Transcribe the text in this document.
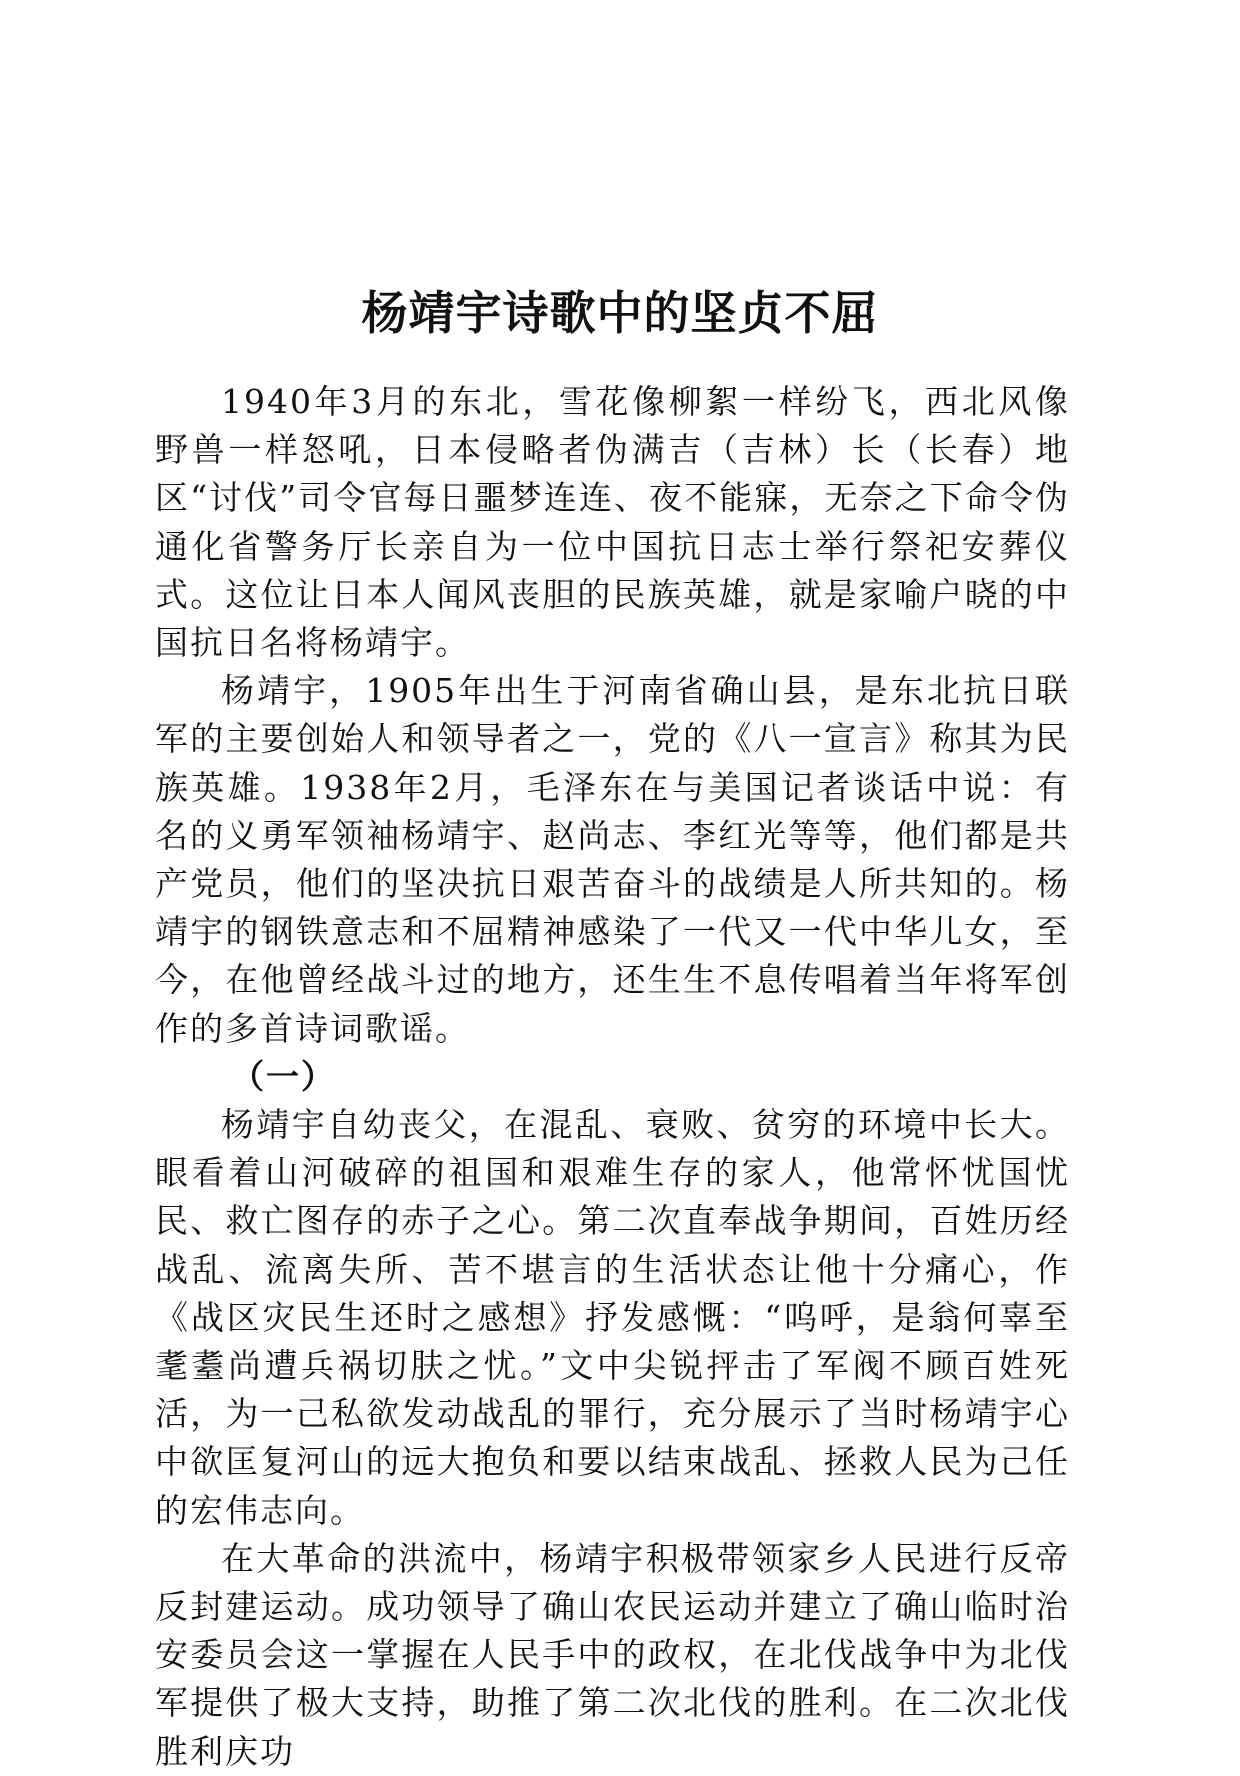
杨靖宇诗歌中的坚贞不屈

1940年3月的东北，雪花像柳絮一样纷飞，西北风像野兽一样怒吼，日本侵略者伪满吉（吉林）长（长春）地区“讨伐”司令官每日噩梦连连、夜不能寐，无奈之下命令伪通化省警务厅长亲自为一位中国抗日志士举行祭祀安葬仪式。这位让日本人闻风丧胆的民族英雄，就是家喻户晓的中国抗日名将杨靖宇。

杨靖宇，1905年出生于河南省确山县，是东北抗日联军的主要创始人和领导者之一，党的《八一宣言》称其为民族英雄。1938年2月，毛泽东在与美国记者谈话中说：有名的义勇军领袖杨靖宇、赵尚志、李红光等等，他们都是共产党员，他们的坚决抗日艰苦奋斗的战绩是人所共知的。杨靖宇的钢铁意志和不屈精神感染了一代又一代中华儿女，至今，在他曾经战斗过的地方，还生生不息传唱着当年将军创作的多首诗词歌谣。

（一）

杨靖宇自幼丧父，在混乱、衰败、贫穷的环境中长大。眼看着山河破碎的祖国和艰难生存的家人，他常怀忧国忧民、救亡图存的赤子之心。第二次直奉战争期间，百姓历经战乱、流离失所、苦不堪言的生活状态让他十分痛心，作《战区灾民生还时之感想》抒发感慨：“呜呼，是翁何辜至耄耋尚遭兵祸切肤之忧。”文中尖锐抨击了军阀不顾百姓死活，为一己私欲发动战乱的罪行，充分展示了当时杨靖宇心中欲匡复河山的远大抱负和要以结束战乱、拯救人民为己任的宏伟志向。

在大革命的洪流中，杨靖宇积极带领家乡人民进行反帝反封建运动。成功领导了确山农民运动并建立了确山临时治安委员会这一掌握在人民手中的政权，在北伐战争中为北伐军提供了极大支持，助推了第二次北伐的胜利。在二次北伐胜利庆功
